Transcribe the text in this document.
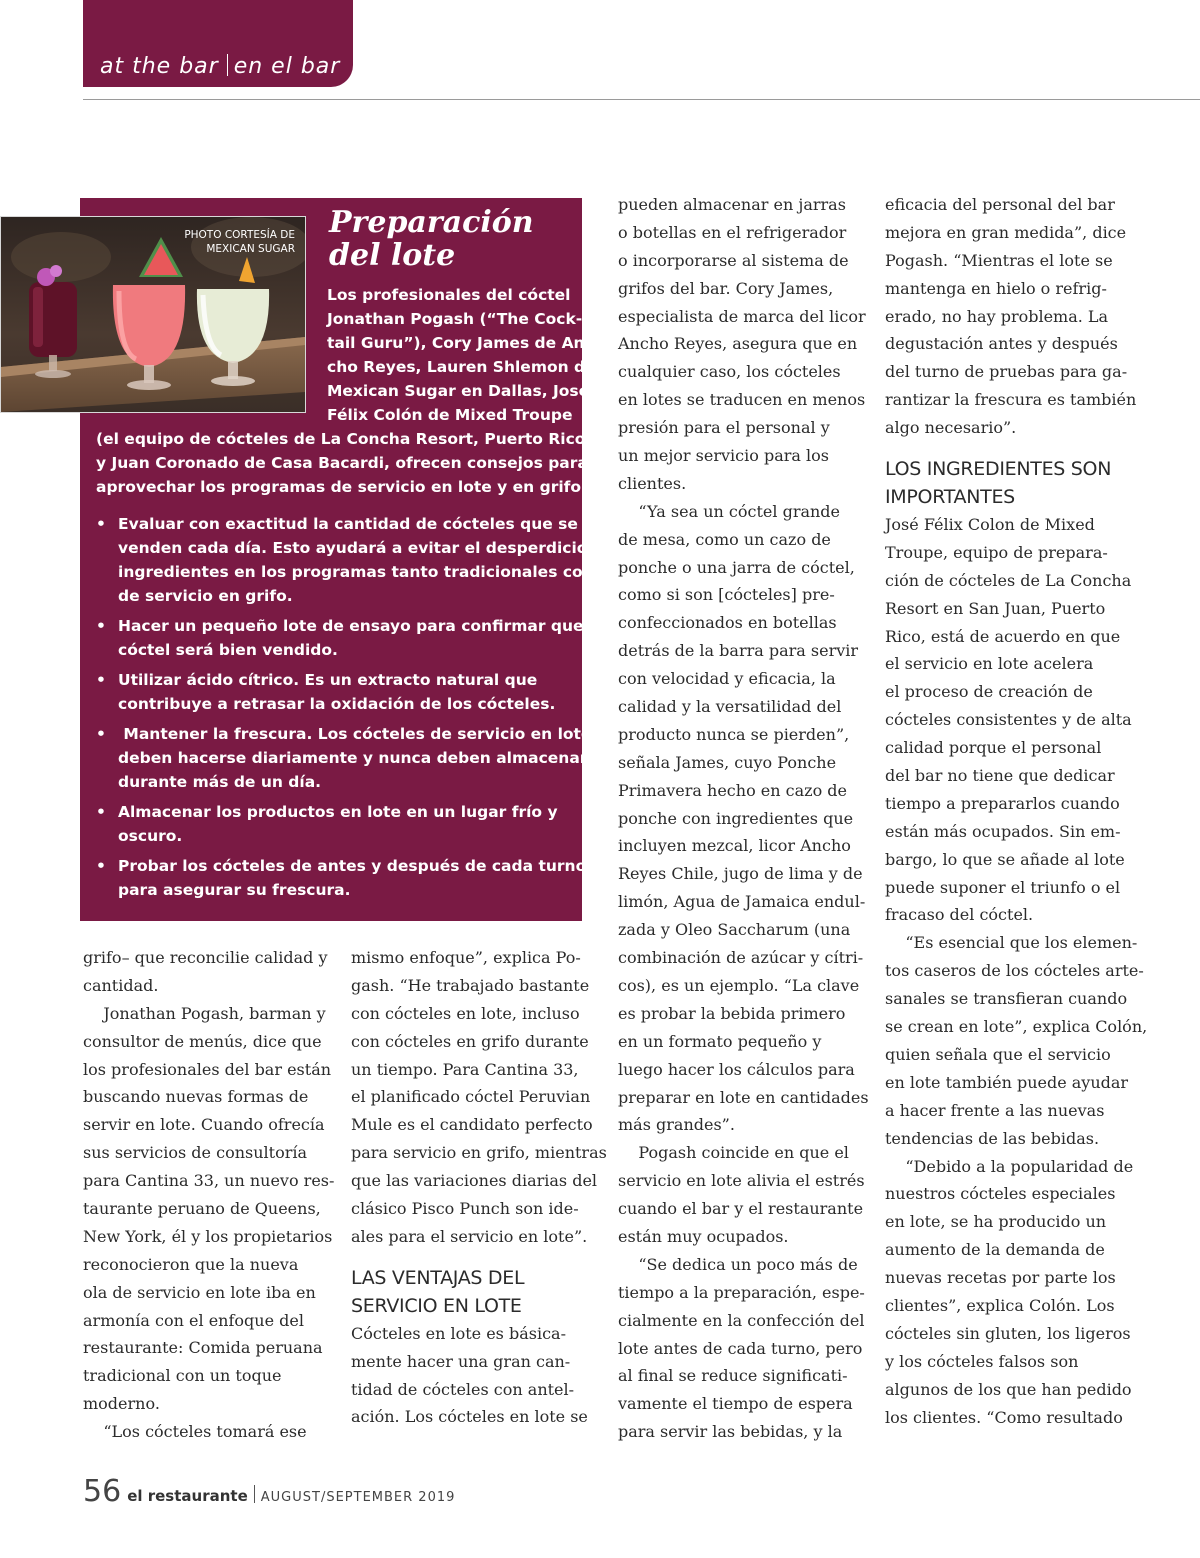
at the bar en el bar
PHOTO CORTESÍA DE
MEXICAN SUGAR
Preparación
del lote
Los profesionales del cóctel
Jonathan Pogash (“The Cock-
tail Guru”), Cory James de An-
cho Reyes, Lauren Shlemon de
Mexican Sugar en Dallas, José
Félix Colón de Mixed Troupe
(el equipo de cócteles de La Concha Resort, Puerto Rico)
y Juan Coronado de Casa Bacardi, ofrecen consejos para
aprovechar los programas de servicio en lote y en grifo.
• Evaluar con exactitud la cantidad de cócteles que se
venden cada día. Esto ayudará a evitar el desperdicio de
ingredientes en los programas tanto tradicionales como
de servicio en grifo.
• Hacer un pequeño lote de ensayo para confirmar que el
cóctel será bien vendido.
• Utilizar ácido cítrico. Es un extracto natural que
contribuye a retrasar la oxidación de los cócteles.
•  Mantener la frescura. Los cócteles de servicio en lote
deben hacerse diariamente y nunca deben almacenarse
durante más de un día.
• Almacenar los productos en lote en un lugar frío y
oscuro.
• Probar los cócteles de antes y después de cada turno
para asegurar su frescura.
grifo– que reconcilie calidad y
cantidad.
Jonathan Pogash, barman y
consultor de menús, dice que
los profesionales del bar están
buscando nuevas formas de
servir en lote. Cuando ofrecía
sus servicios de consultoría
para Cantina 33, un nuevo res-
taurante peruano de Queens,
New York, él y los propietarios
reconocieron que la nueva
ola de servicio en lote iba en
armonía con el enfoque del
restaurante: Comida peruana
tradicional con un toque
moderno.
“Los cócteles tomará ese
mismo enfoque”, explica Po-
gash. “He trabajado bastante
con cócteles en lote, incluso
con cócteles en grifo durante
un tiempo. Para Cantina 33,
el planificado cóctel Peruvian
Mule es el candidato perfecto
para servicio en grifo, mientras
que las variaciones diarias del
clásico Pisco Punch son ide-
ales para el servicio en lote”.
LAS VENTAJAS DEL
SERVICIO EN LOTE
Cócteles en lote es básica-
mente hacer una gran can-
tidad de cócteles con antel-
ación. Los cócteles en lote se
pueden almacenar en jarras
o botellas en el refrigerador
o incorporarse al sistema de
grifos del bar. Cory James,
especialista de marca del licor
Ancho Reyes, asegura que en
cualquier caso, los cócteles
en lotes se traducen en menos
presión para el personal y
un mejor servicio para los
clientes.
“Ya sea un cóctel grande
de mesa, como un cazo de
ponche o una jarra de cóctel,
como si son [cócteles] pre-
confeccionados en botellas
detrás de la barra para servir
con velocidad y eficacia, la
calidad y la versatilidad del
producto nunca se pierden”,
señala James, cuyo Ponche
Primavera hecho en cazo de
ponche con ingredientes que
incluyen mezcal, licor Ancho
Reyes Chile, jugo de lima y de
limón, Agua de Jamaica endul-
zada y Oleo Saccharum (una
combinación de azúcar y cítri-
cos), es un ejemplo. “La clave
es probar la bebida primero
en un formato pequeño y
luego hacer los cálculos para
preparar en lote en cantidades
más grandes”.
Pogash coincide en que el
servicio en lote alivia el estrés
cuando el bar y el restaurante
están muy ocupados.
“Se dedica un poco más de
tiempo a la preparación, espe-
cialmente en la confección del
lote antes de cada turno, pero
al final se reduce significati-
vamente el tiempo de espera
para servir las bebidas, y la
eficacia del personal del bar
mejora en gran medida”, dice
Pogash. “Mientras el lote se
mantenga en hielo o refrig-
erado, no hay problema. La
degustación antes y después
del turno de pruebas para ga-
rantizar la frescura es también
algo necesario”.
LOS INGREDIENTES SON
IMPORTANTES
José Félix Colon de Mixed
Troupe, equipo de prepara-
ción de cócteles de La Concha
Resort en San Juan, Puerto
Rico, está de acuerdo en que
el servicio en lote acelera
el proceso de creación de
cócteles consistentes y de alta
calidad porque el personal
del bar no tiene que dedicar
tiempo a prepararlos cuando
están más ocupados. Sin em-
bargo, lo que se añade al lote
puede suponer el triunfo o el
fracaso del cóctel.
“Es esencial que los elemen-
tos caseros de los cócteles arte-
sanales se transfieran cuando
se crean en lote”, explica Colón,
quien señala que el servicio
en lote también puede ayudar
a hacer frente a las nuevas
tendencias de las bebidas.
“Debido a la popularidad de
nuestros cócteles especiales
en lote, se ha producido un
aumento de la demanda de
nuevas recetas por parte los
clientes”, explica Colón. Los
cócteles sin gluten, los ligeros
y los cócteles falsos son
algunos de los que han pedido
los clientes. “Como resultado
56 el restaurante AUGUST/SEPTEMBER 2019
